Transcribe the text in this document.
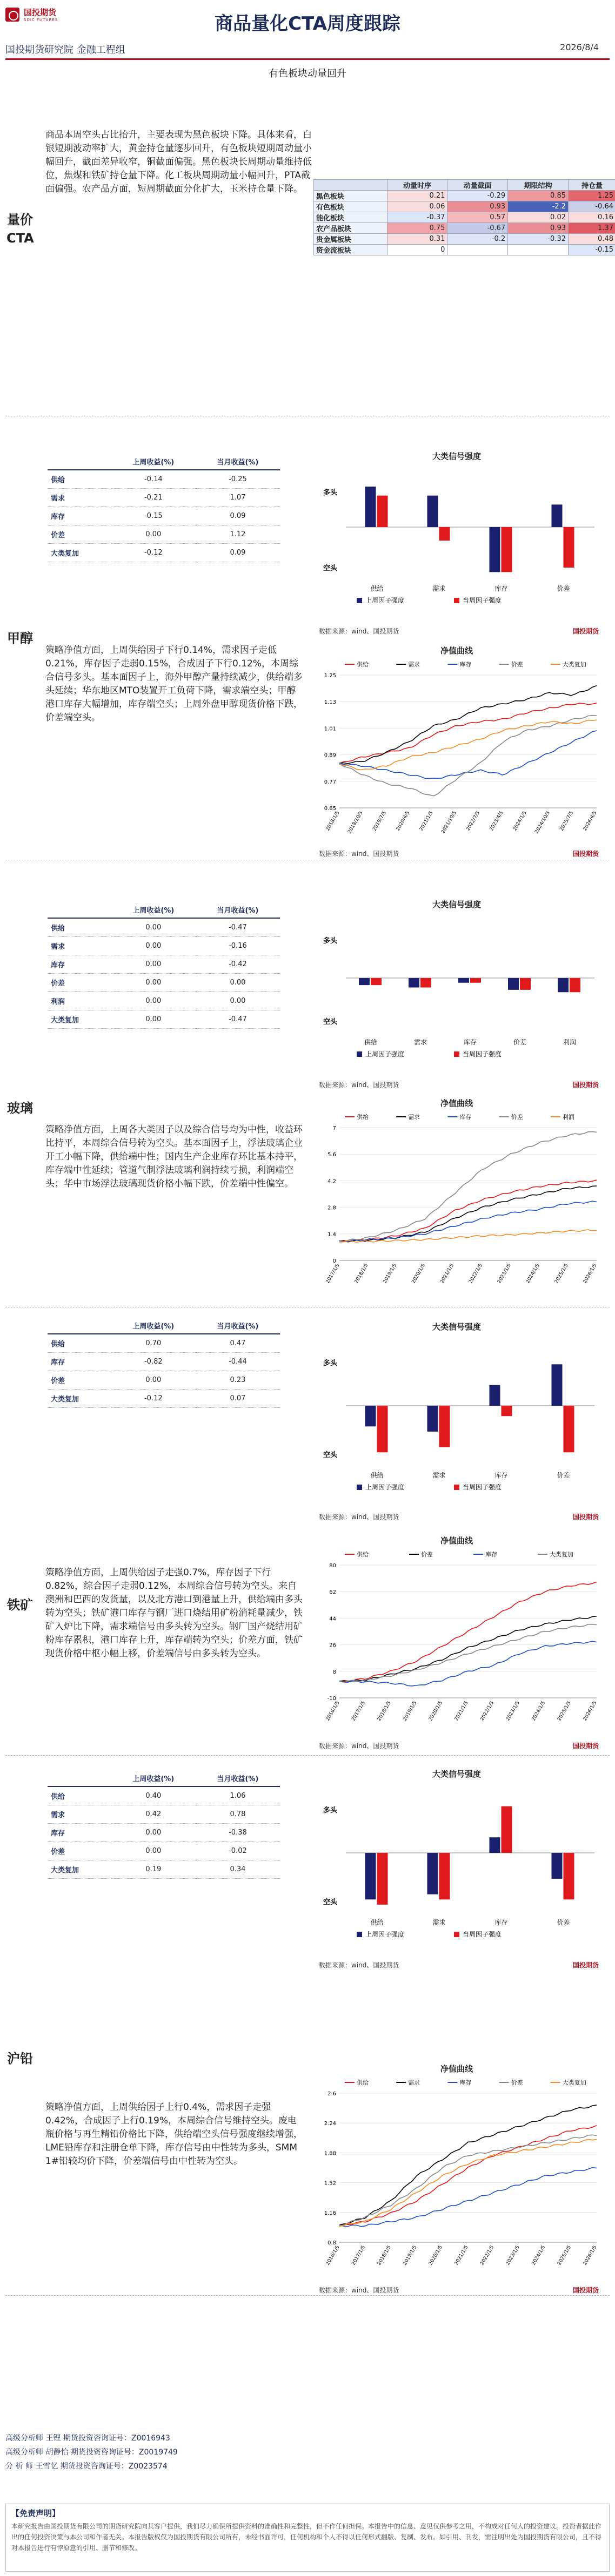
国投期货
SDIC FUTURES	商品量化CTA周度跟踪
国投期货研究院 金融工程组	2026/8/4
有色板块动量回升
量价CTA
商品本周空头占比抬升，主要表现为黑色板块下降。具体来看，白银短期波动率扩大，黄金持仓量逐步回升，有色板块短期周动量小幅回升，截面差异收窄，铜截面偏强。黑色板块长周期动量维持低位，焦煤和铁矿持仓量下降。化工板块周期动量小幅回升，PTA截面偏强。农产品方面，短周期截面分化扩大，玉米持仓量下降。
		动量时序	动量截面	期限结构	持仓量
黑色板块	0.21	-0.29	0.85	1.25
有色板块	0.06	0.93	-2.2	-0.64
能化板块	-0.37	0.57	0.02	0.16
农产品板块	0.75	-0.67	0.93	1.37
贵金属板块	0.31	-0.2	-0.32	0.48
资金流板块	0			-0.15
甲醇
	上周收益(%)	当月收益(%)
供给	-0.14	-0.25
需求	-0.21	1.07
库存	-0.15	0.09
价差	0.00	1.12
大类复加	-0.12	0.09
策略净值方面，上周供给因子下行0.14%，需求因子走低0.21%，库存因子走弱0.15%，合成因子下行0.12%，本周综合信号多头。基本面因子上，海外甲醇产量持续减少，供给端多头延续；华东地区MTO装置开工负荷下降，需求端空头；甲醇港口库存大幅增加，库存端空头；上周外盘甲醇现货价格下跌，价差端空头。
大类信号强度
多头
空头
供给	需求	库存	价差
上周因子强度	当周因子强度
数据来源：wind、国投期货	国投期货
净值曲线
0.65
0.77
0.89
1.01
1.13
1.25
2018/1/5 2018/10/5 2019/7/5 2020/4/5 2021/1/5 2021/10/5 2022/7/5 2023/4/5 2024/1/5 2024/10/5 2025/7/5 2026/4/5
供给	需求	库存	价差	大类复加
数据来源：wind、国投期货	国投期货
玻璃
	上周收益(%)	当月收益(%)
供给	0.00	-0.47
需求	0.00	-0.16
库存	0.00	-0.42
价差	0.00	0.00
利润	0.00	0.00
大类复加	0.00	-0.47
策略净值方面，上周各大类因子以及综合信号均为中性，收益环比持平，本周综合信号转为空头。基本面因子上，浮法玻璃企业开工小幅下降，供给端中性；国内生产企业库存环比基本持平，库存端中性延续；管道气制浮法玻璃利润持续亏损，利润端空头；华中市场浮法玻璃现货价格小幅下跌，价差端中性偏空。
大类信号强度
多头
空头
供给	需求	库存	价差	利润
上周因子强度	当周因子强度
数据来源：wind、国投期货	国投期货
净值曲线
0
1.4
2.8
4.2
5.6
7
2017/1/5	2018/1/5	2019/1/5	2020/1/5	2021/1/5	2022/1/5	2023/1/5	2024/1/5	2025/1/5	2026/1/5
供给	需求	库存	价差	利润
铁矿
	上周收益(%)	当月收益(%)
供给	0.70	0.47
库存	-0.82	-0.44
价差	0.00	0.23
大类复加	-0.12	0.07
策略净值方面，上周供给因子走强0.7%，库存因子下行0.82%，综合因子走弱0.12%，本周综合信号转为空头。来自澳洲和巴西的发货量，以及北方港口到港量上升，供给端由多头转为空头；铁矿港口库存与钢厂进口烧结用矿粉消耗量减少，铁矿入炉比下降，需求端信号由多头转为空头。钢厂国产烧结用矿粉库存累积，港口库存上升，库存端转为空头；价差方面，铁矿现货价格中枢小幅上移，价差端信号由多头转为空头。
大类信号强度
多头
空头
供给	需求	库存	价差
上周因子强度	当周因子强度
数据来源：wind、国投期货	国投期货
净值曲线
-10
8
26
44
62
80
2016/1/5 2017/1/5 2018/1/5 2019/1/5 2020/1/5 2021/1/5 2022/1/5 2023/1/5 2024/1/5 2025/1/5 2026/1/5
供给	价差	库存	大类复加
数据来源：wind、国投期货	国投期货
沪铅
	上周收益(%)	当月收益(%)
供给	0.40	1.06
需求	0.42	0.78
库存	0.00	-0.38
价差	0.00	-0.02
大类复加	0.19	0.34
策略净值方面，上周供给因子上行0.4%，需求因子走强0.42%，合成因子上行0.19%，本周综合信号维持空头。废电瓶价格与再生精铅价格比下降，供给端空头信号强度继续增强，LME铅库存和注册仓单下降，库存信号由中性转为多头，SMM 1#铅较均价下降，价差端信号由中性转为空头。
大类信号强度
多头
空头
供给	需求	库存	价差
上周因子强度	当周因子强度
数据来源：wind、国投期货	国投期货
净值曲线
0.8
1.16
1.52
1.88
2.24
2.6
2016/1/5 2017/1/5 2018/1/5 2019/1/5 2020/1/5 2021/1/5 2022/1/5 2023/1/5 2024/1/5 2025/1/5 2026/1/5
供给	需求	库存	价差	大类复加
数据来源：wind、国投期货	国投期货
高级分析师 王锂 期货投资咨询证号：Z0016943
高级分析师 胡静怡 期货投资咨询证号：Z0019749
分 析 师 王雪忆 期货投资咨询证号：Z0023574
【免责声明】
本研究报告由国投期货有限公司的期货研究院向其客户提供，我们尽力确保所提供资料的准确性和完整性，但不作任何担保。本报告中的信息、意见仅供参考之用，不构成对任何人的投资建议。投资者据此作出的任何投资决策与本公司和作者无关。本报告版权仅为国投期货有限公司所有，未经书面许可，任何机构和个人不得以任何形式翻版、复制、发布。如引用、刊发，需注明出处为国投期货有限公司，且不得对本报告进行有悖原意的引用、删节和修改。
